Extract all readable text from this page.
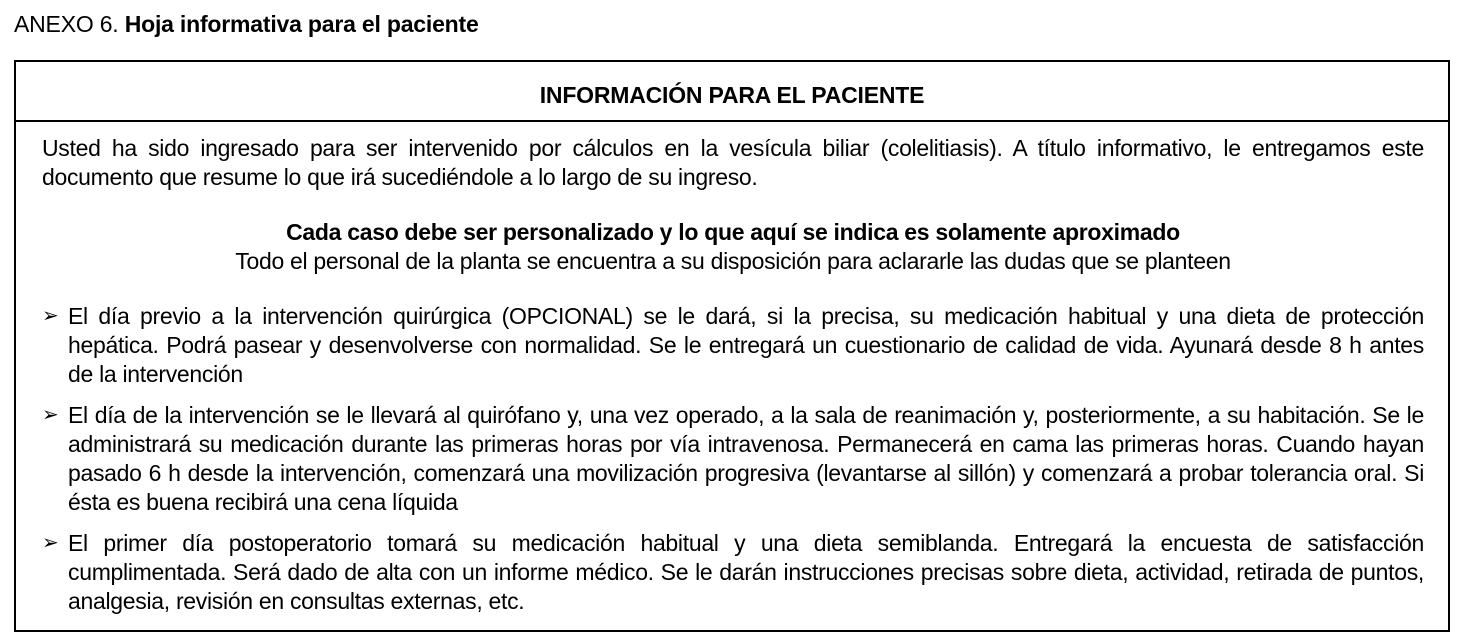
ANEXO 6. Hoja informativa para el paciente
INFORMACIÓN PARA EL PACIENTE

Usted ha sido ingresado para ser intervenido por cálculos en la vesícula biliar (colelitiasis). A título informativo, le entregamos este documento que resume lo que irá sucediéndole a lo largo de su ingreso.

Cada caso debe ser personalizado y lo que aquí se indica es solamente aproximado
Todo el personal de la planta se encuentra a su disposición para aclararle las dudas que se planteen
➢ El día previo a la intervención quirúrgica (OPCIONAL) se le dará, si la precisa, su medicación habitual y una dieta de protección hepática. Podrá pasear y desenvolverse con normalidad. Se le entregará un cuestionario de calidad de vida. Ayunará desde 8 h antes de la intervención
➢ El día de la intervención se le llevará al quirófano y, una vez operado, a la sala de reanimación y, posteriormente, a su habitación. Se le administrará su medicación durante las primeras horas por vía intravenosa. Permanecerá en cama las primeras horas. Cuando hayan pasado 6 h desde la intervención, comenzará una movilización progresiva (levantarse al sillón) y comenzará a probar tolerancia oral. Si ésta es buena recibirá una cena líquida
➢ El primer día postoperatorio tomará su medicación habitual y una dieta semiblanda. Entregará la encuesta de satisfacción cumplimentada. Será dado de alta con un informe médico. Se le darán instrucciones precisas sobre dieta, actividad, retirada de puntos, analgesia, revisión en consultas externas, etc.
